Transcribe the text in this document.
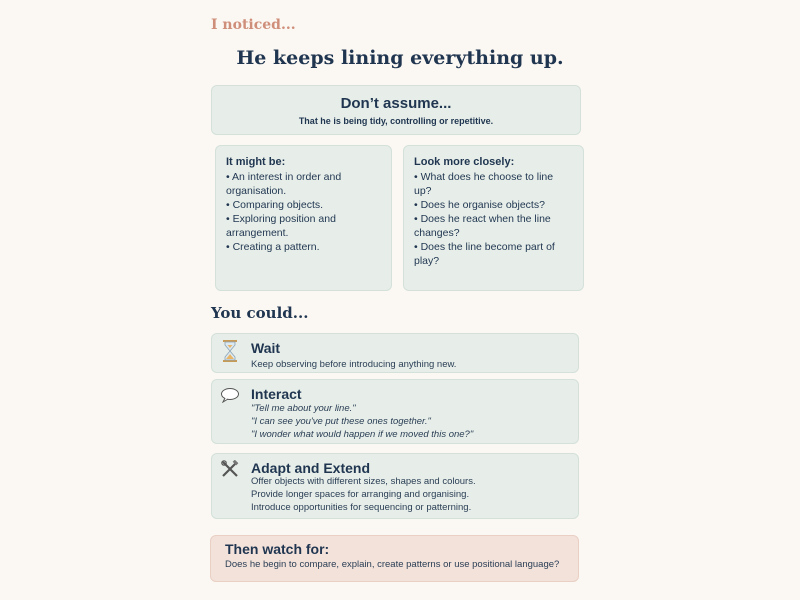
I noticed...
He keeps lining everything up.
Don’t assume...
That he is being tidy, controlling or repetitive.
It might be:
• An interest in order and organisation.
• Comparing objects.
• Exploring position and arrangement.
• Creating a pattern.
Look more closely:
• What does he choose to line up?
• Does he organise objects?
• Does he react when the line changes?
• Does the line become part of play?
You could...
Wait
Keep observing before introducing anything new.
Interact
"Tell me about your line."
"I can see you've put these ones together."
"I wonder what would happen if we moved this one?"
Adapt and Extend
Offer objects with different sizes, shapes and colours.
Provide longer spaces for arranging and organising.
Introduce opportunities for sequencing or patterning.
Then watch for:
Does he begin to compare, explain, create patterns or use positional language?
